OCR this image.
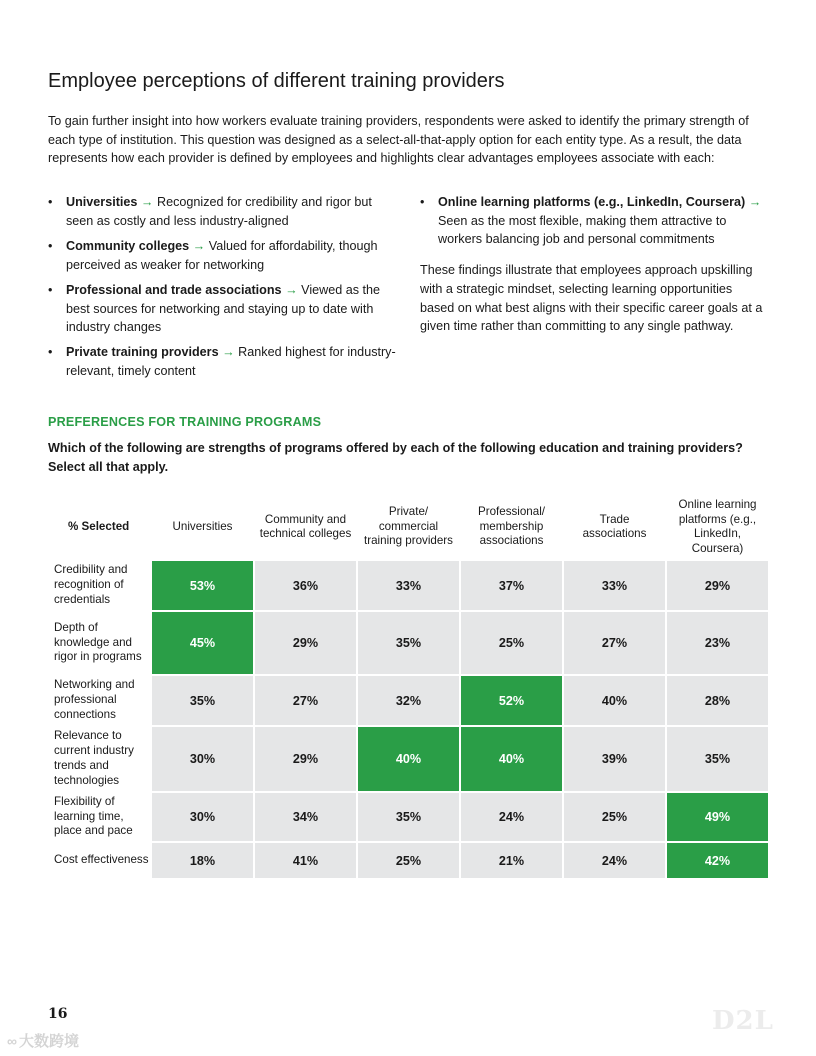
Employee perceptions of different training providers

To gain further insight into how workers evaluate training providers, respondents were asked to identify the primary strength of each type of institution. This question was designed as a select-all-that-apply option for each entity type. As a result, the data represents how each provider is defined by employees and highlights clear advantages employees associate with each:

• Universities → Recognized for credibility and rigor but seen as costly and less industry-aligned
• Community colleges → Valued for affordability, though perceived as weaker for networking
• Professional and trade associations → Viewed as the best sources for networking and staying up to date with industry changes
• Private training providers → Ranked highest for industry-relevant, timely content
• Online learning platforms (e.g., LinkedIn, Coursera) → Seen as the most flexible, making them attractive to workers balancing job and personal commitments

These findings illustrate that employees approach upskilling with a strategic mindset, selecting learning opportunities based on what best aligns with their specific career goals at a given time rather than committing to any single pathway.

PREFERENCES FOR TRAINING PROGRAMS

Which of the following are strengths of programs offered by each of the following education and training providers? Select all that apply.

% Selected	Universities	Community and technical colleges	Private/ commercial training providers	Professional/ membership associations	Trade associations	Online learning platforms (e.g., LinkedIn, Coursera)
Credibility and recognition of credentials	53%	36%	33%	37%	33%	29%
Depth of knowledge and rigor in programs	45%	29%	35%	25%	27%	23%
Networking and professional connections	35%	27%	32%	52%	40%	28%
Relevance to current industry trends and technologies	30%	29%	40%	40%	39%	35%
Flexibility of learning time, place and pace	30%	34%	35%	24%	25%	49%
Cost effectiveness	18%	41%	25%	21%	24%	42%

16

∞ 大数跨境
D2L
